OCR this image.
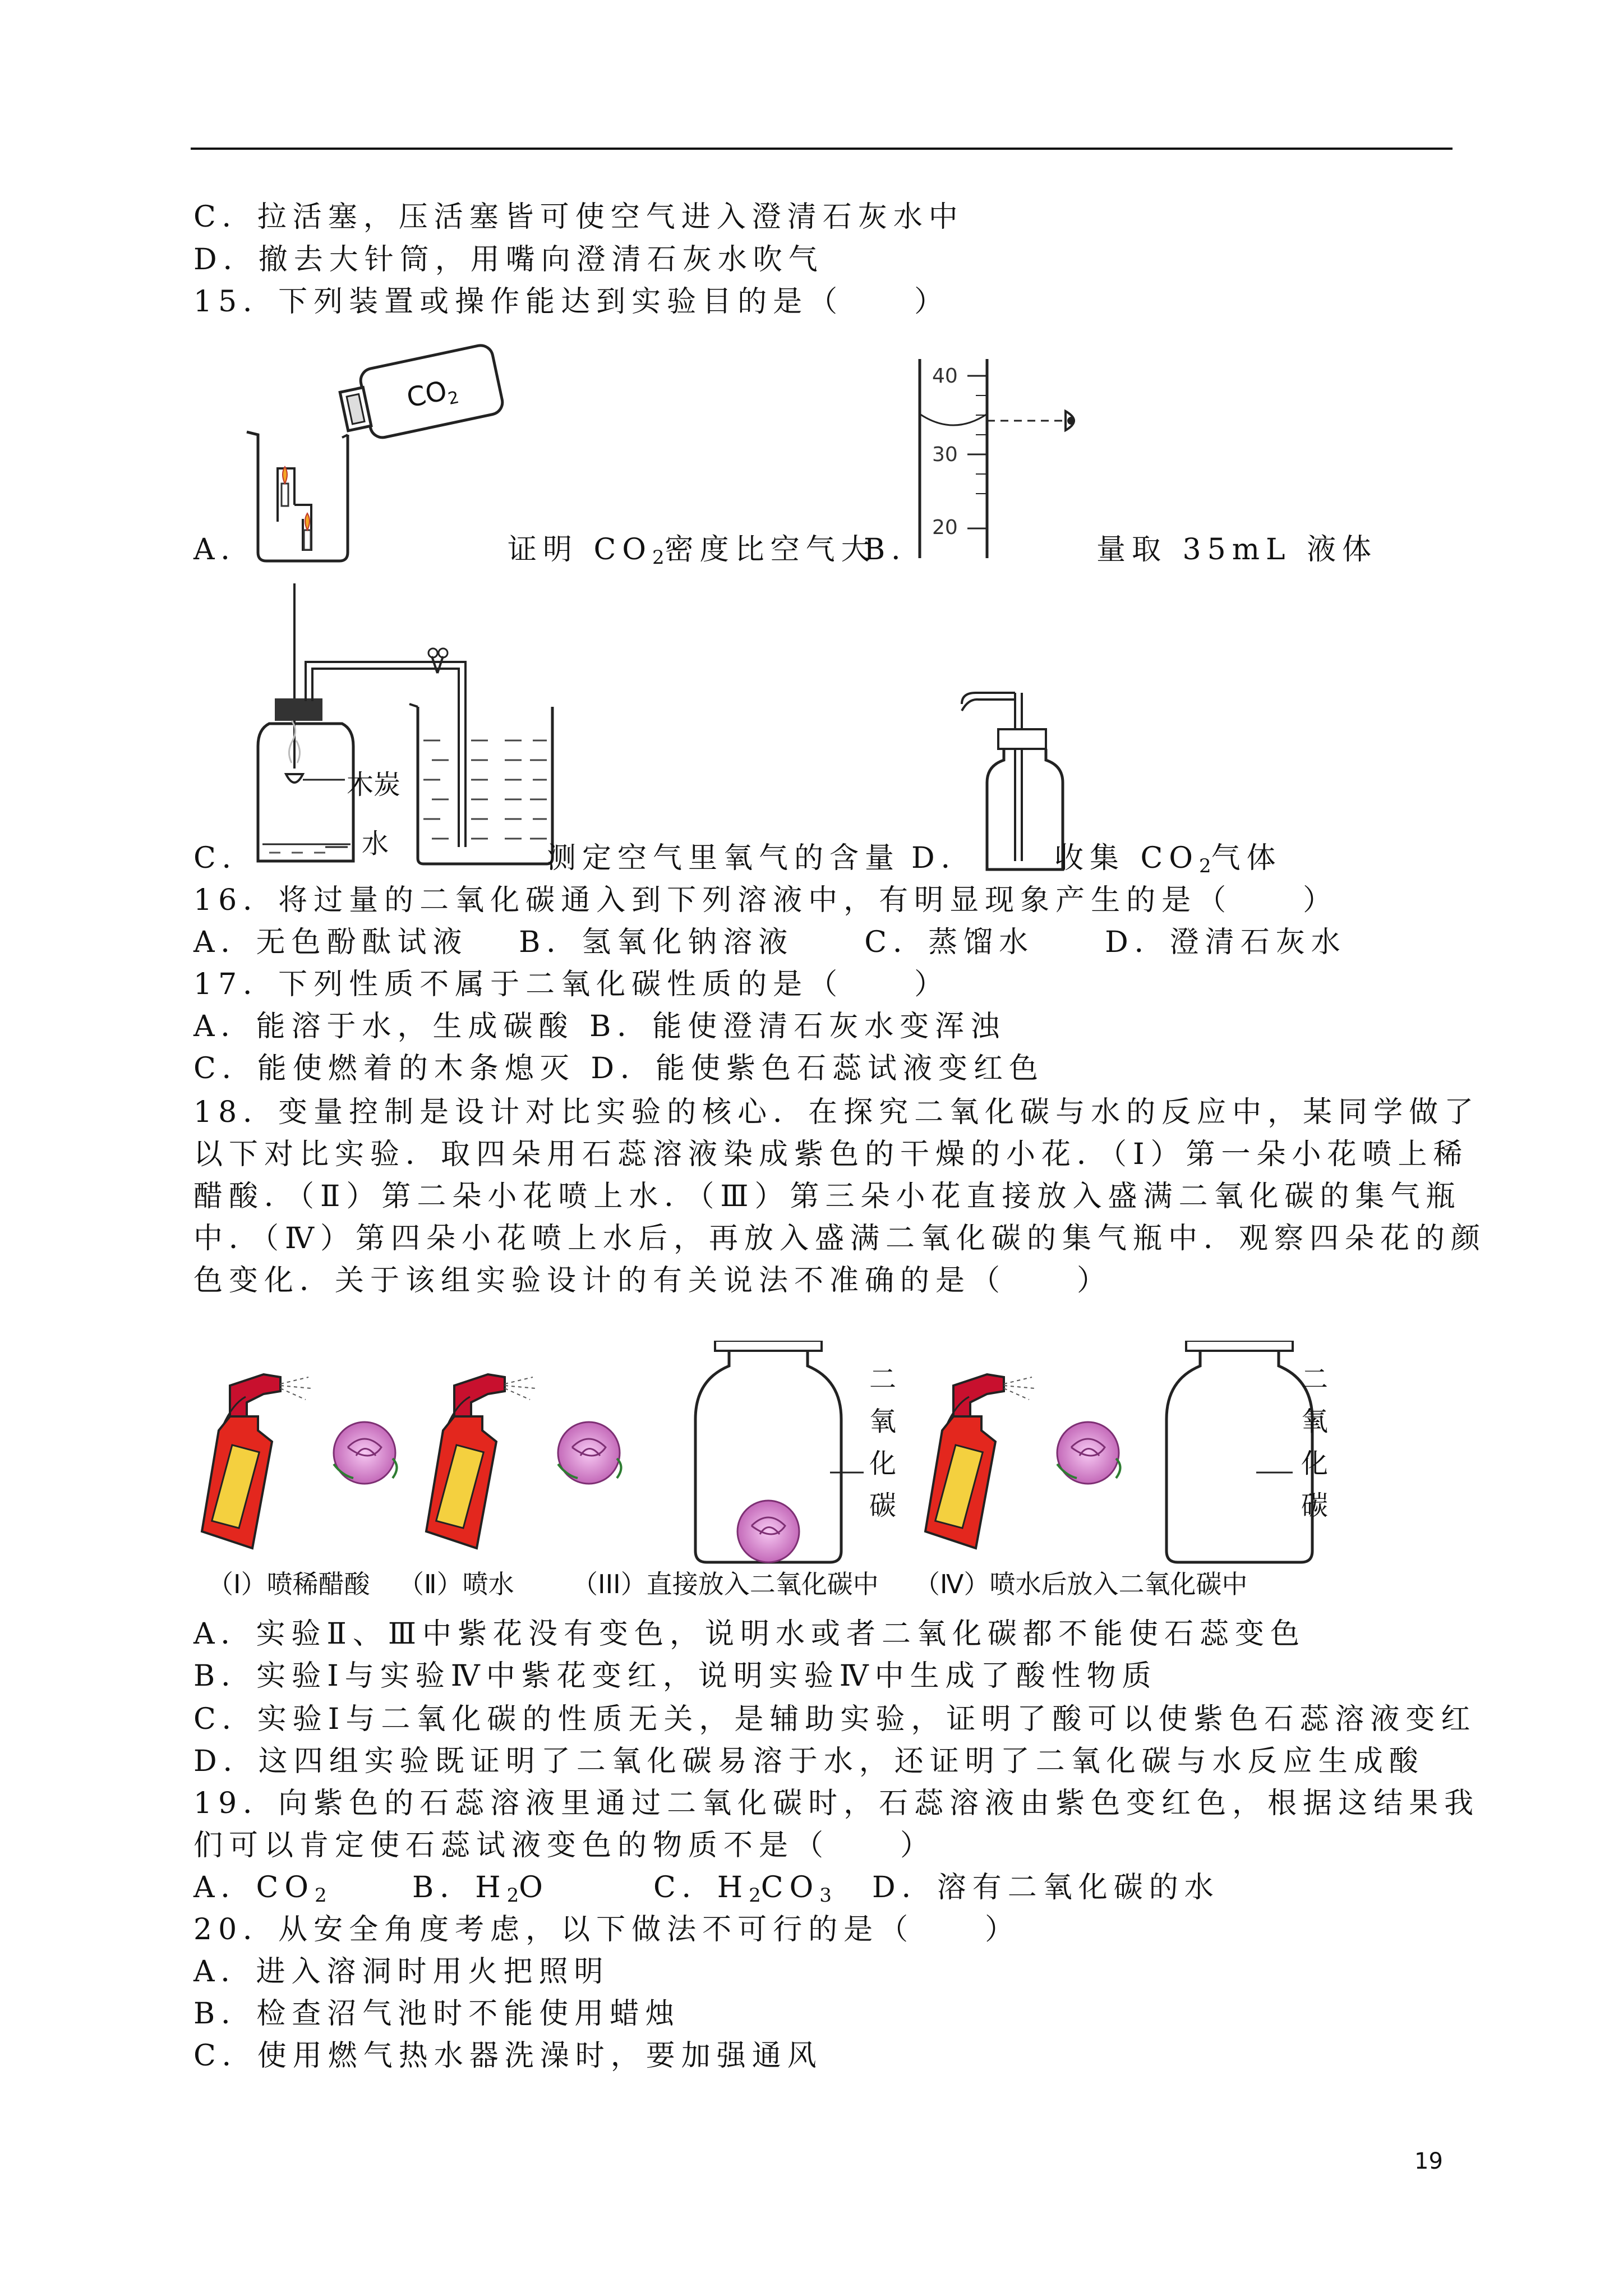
C．拉活塞，压活塞皆可使空气进入澄清石灰水中
D．撤去大针筒，用嘴向澄清石灰水吹气
15．下列装置或操作能达到实验目的是（　　）
$CO_2$
40
30
20
A．	证明 $CO_2$密度比空气大
B．	量取 35mL 液体
木炭
水
C．	测定空气里氧气的含量 D．	收集 $CO_2$气体
16．将过量的二氧化碳通入到下列溶液中，有明显现象产生的是（　　）
A．无色酚酞试液　 B．氢氧化钠溶液　　C．蒸馏水　　D．澄清石灰水
17．下列性质不属于二氧化碳性质的是（　　）
A．能溶于水，生成碳酸 B．能使澄清石灰水变浑浊
C．能使燃着的木条熄灭 D．能使紫色石蕊试液变红色
18．变量控制是设计对比实验的核心．在探究二氧化碳与水的反应中，某同学做了
以下对比实验．取四朵用石蕊溶液染成紫色的干燥的小花．（Ⅰ）第一朵小花喷上稀
醋酸．（Ⅱ）第二朵小花喷上水．（Ⅲ）第三朵小花直接放入盛满二氧化碳的集气瓶
中．（Ⅳ）第四朵小花喷上水后，再放入盛满二氧化碳的集气瓶中．观察四朵花的颜
色变化．关于该组实验设计的有关说法不准确的是（　　）
二
氧
化
碳
二
氧
化
碳
（I）喷稀醋酸 （Ⅱ）喷水 （III）直接放入二氧化碳中 （Ⅳ）喷水后放入二氧化碳中
A．实验Ⅱ、Ⅲ中紫花没有变色，说明水或者二氧化碳都不能使石蕊变色
B．实验Ⅰ与实验Ⅳ中紫花变红，说明实验Ⅳ中生成了酸性物质
C．实验Ⅰ与二氧化碳的性质无关，是辅助实验，证明了酸可以使紫色石蕊溶液变红
D．这四组实验既证明了二氧化碳易溶于水，还证明了二氧化碳与水反应生成酸
19．向紫色的石蕊溶液里通过二氧化碳时，石蕊溶液由紫色变红色，根据这结果我
们可以肯定使石蕊试液变色的物质不是（　　）
A．$CO_2$	B．$H_2O$	C．$H_2CO_3$ D．溶有二氧化碳的水
20．从安全角度考虑，以下做法不可行的是（　　）
A．进入溶洞时用火把照明
B．检查沼气池时不能使用蜡烛
C．使用燃气热水器洗澡时，要加强通风
19
